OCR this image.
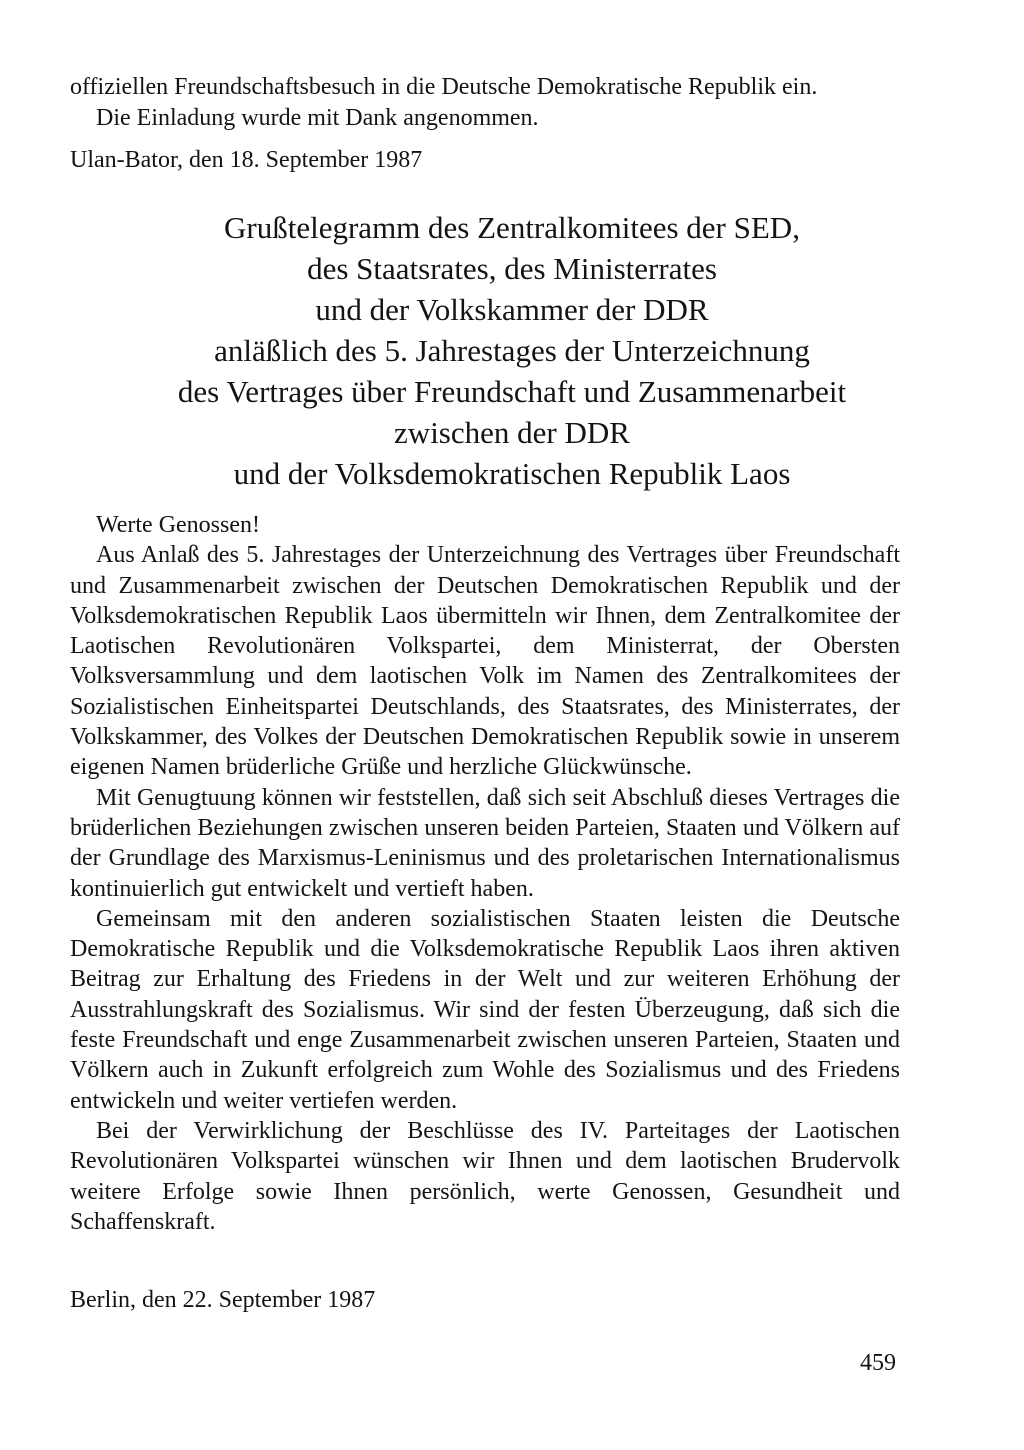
offiziellen Freundschaftsbesuch in die Deutsche Demokratische Republik ein.

Die Einladung wurde mit Dank angenommen.

Ulan-Bator, den 18. September 1987

Grußtelegramm des Zentralkomitees der SED,
des Staatsrates, des Ministerrates
und der Volkskammer der DDR
anläßlich des 5. Jahrestages der Unterzeichnung
des Vertrages über Freundschaft und Zusammenarbeit
zwischen der DDR
und der Volksdemokratischen Republik Laos

Werte Genossen!

Aus Anlaß des 5. Jahrestages der Unterzeichnung des Vertrages über Freundschaft und Zusammenarbeit zwischen der Deutschen Demokratischen Republik und der Volksdemokratischen Republik Laos übermitteln wir Ihnen, dem Zentralkomitee der Laotischen Revolutionären Volkspartei, dem Ministerrat, der Obersten Volksversammlung und dem laotischen Volk im Namen des Zentralkomitees der Sozialistischen Einheitspartei Deutschlands, des Staatsrates, des Ministerrates, der Volkskammer, des Volkes der Deutschen Demokratischen Republik sowie in unserem eigenen Namen brüderliche Grüße und herzliche Glückwünsche.

Mit Genugtuung können wir feststellen, daß sich seit Abschluß dieses Vertrages die brüderlichen Beziehungen zwischen unseren beiden Parteien, Staaten und Völkern auf der Grundlage des Marxismus-Leninismus und des proletarischen Internationalismus kontinuierlich gut entwickelt und vertieft haben.

Gemeinsam mit den anderen sozialistischen Staaten leisten die Deutsche Demokratische Republik und die Volksdemokratische Republik Laos ihren aktiven Beitrag zur Erhaltung des Friedens in der Welt und zur weiteren Erhöhung der Ausstrahlungskraft des Sozialismus. Wir sind der festen Überzeugung, daß sich die feste Freundschaft und enge Zusammenarbeit zwischen unseren Parteien, Staaten und Völkern auch in Zukunft erfolgreich zum Wohle des Sozialismus und des Friedens entwickeln und weiter vertiefen werden.

Bei der Verwirklichung der Beschlüsse des IV. Parteitages der Laotischen Revolutionären Volkspartei wünschen wir Ihnen und dem laotischen Brudervolk weitere Erfolge sowie Ihnen persönlich, werte Genossen, Gesundheit und Schaffenskraft.

Berlin, den 22. September 1987

459
